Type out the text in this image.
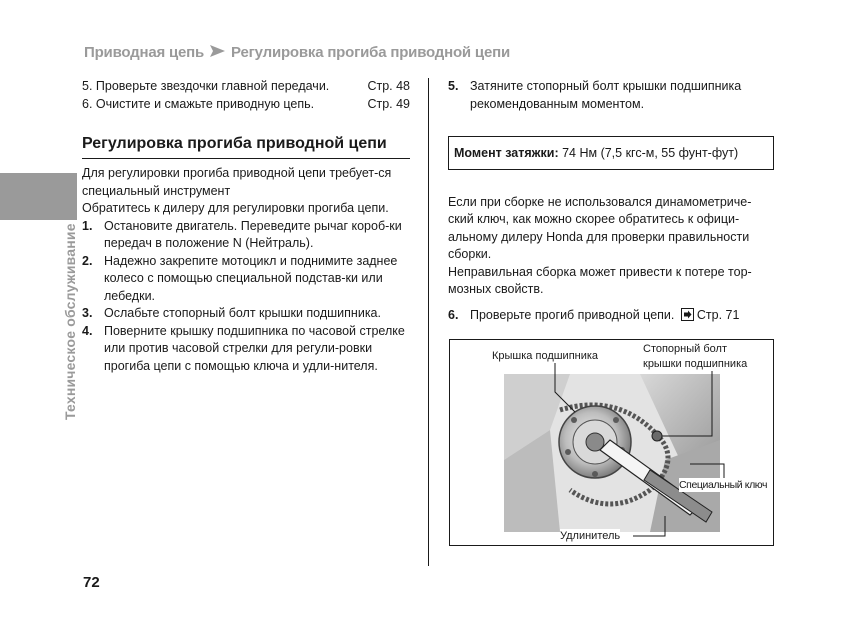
Приводная цепь Регулировка прогиба приводной цепи
Техническое обслуживание
5. Проверьте звездочки главной передачи.	Стр. 48
6. Очистите и смажьте приводную цепь.	Стр. 49
Регулировка прогиба приводной цепи
Для регулировки прогиба приводной цепи требует-ся специальный инструмент
Обратитесь к дилеру для регулировки прогиба цепи.
1. Остановите двигатель. Переведите рычаг короб-ки передач в положение N (Нейтраль).
2. Надежно закрепите мотоцикл и поднимите заднее колесо с помощью специальной подстав-ки или лебедки.
3. Ослабьте стопорный болт крышки подшипника.
4. Поверните крышку подшипника по часовой стрелке или против часовой стрелки для регули-ровки прогиба цепи с помощью ключа и удли-нителя.
5. Затяните стопорный болт крышки подшипника рекомендованным моментом.
Момент затяжки: 74 Нм (7,5 кгс-м, 55 фунт-фут)
Если при сборке не использовался динамометриче-ский ключ, как можно скорее обратитесь к офици-альному дилеру Honda для проверки правильности сборки.
Неправильная сборка может привести к потере тор-мозных свойств.
6. Проверьте прогиб приводной цепи. Стр. 71
Крышка подшипника
Стопорный болт
крышки подшипника
Специальный ключ
Удлинитель
72
